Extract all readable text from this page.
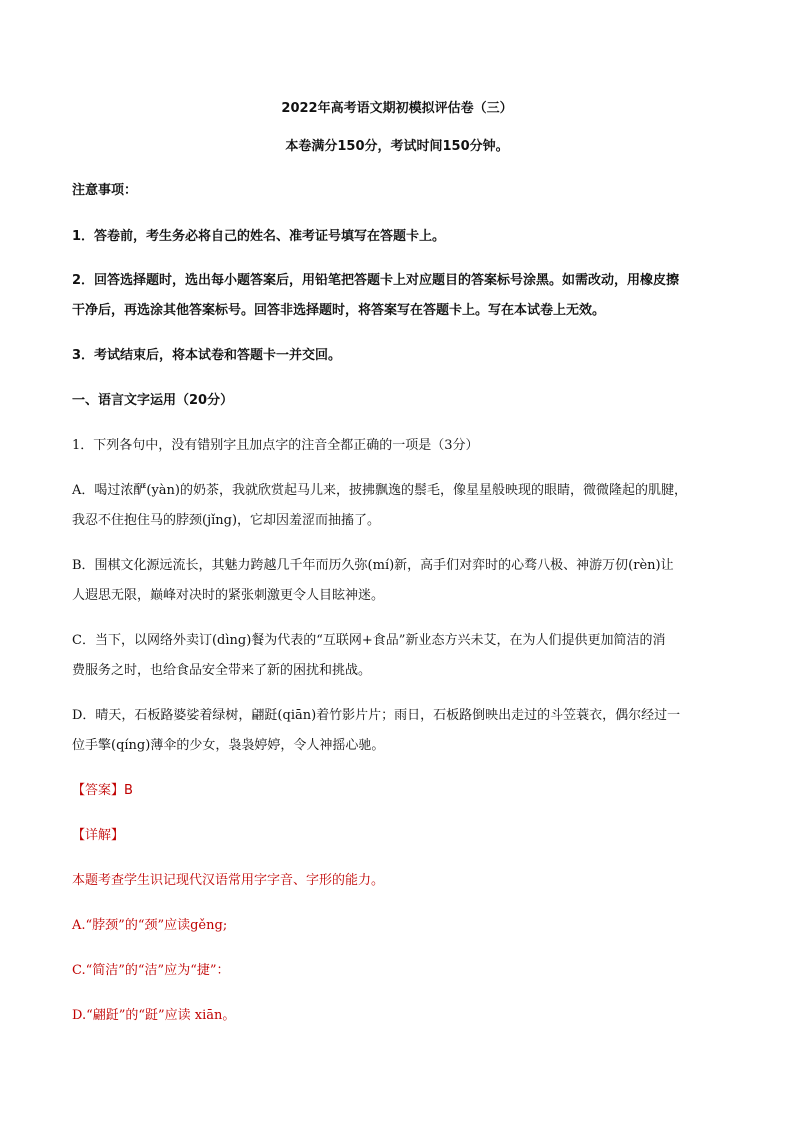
2022年高考语文期初模拟评估卷（三）
本卷满分150分，考试时间150分钟。
注意事项：
1．答卷前，考生务必将自己的姓名、准考证号填写在答题卡上。
2．回答选择题时，选出每小题答案后，用铅笔把答题卡上对应题目的答案标号涂黑。如需改动，用橡皮擦
干净后，再选涂其他答案标号。回答非选择题时，将答案写在答题卡上。写在本试卷上无效。
3．考试结束后，将本试卷和答题卡一并交回。
一、语言文字运用（20分）
1．下列各句中，没有错别字且加点字的注音全都正确的一项是（3分）
A．喝过浓酽(yàn)的奶茶，我就欣赏起马儿来，披拂飘逸的鬃毛，像星星般映现的眼睛，微微隆起的肌腱，
我忍不住抱住马的脖颈(jǐng)，它却因羞涩而抽搐了。
B．围棋文化源远流长，其魅力跨越几千年而历久弥(mí)新，高手们对弈时的心骛八极、神游万仞(rèn)让
人遐思无限，巅峰对决时的紧张刺激更令人目眩神迷。
C．当下，以网络外卖订(dìng)餐为代表的“互联网+食品”新业态方兴未艾，在为人们提供更加简洁的消
费服务之时，也给食品安全带来了新的困扰和挑战。
D．晴天，石板路婆娑着绿树，翩跹(qiān)着竹影片片；雨日，石板路倒映出走过的斗笠蓑衣，偶尔经过一
位手擎(qíng)薄伞的少女，袅袅婷婷，令人神摇心驰。
【答案】B
【详解】
本题考查学生识记现代汉语常用字字音、字形的能力。
A.“脖颈”的“颈”应读gěng;
C.“简洁”的“洁”应为“捷”：
D.“翩跹”的“跹”应读 xiān。
